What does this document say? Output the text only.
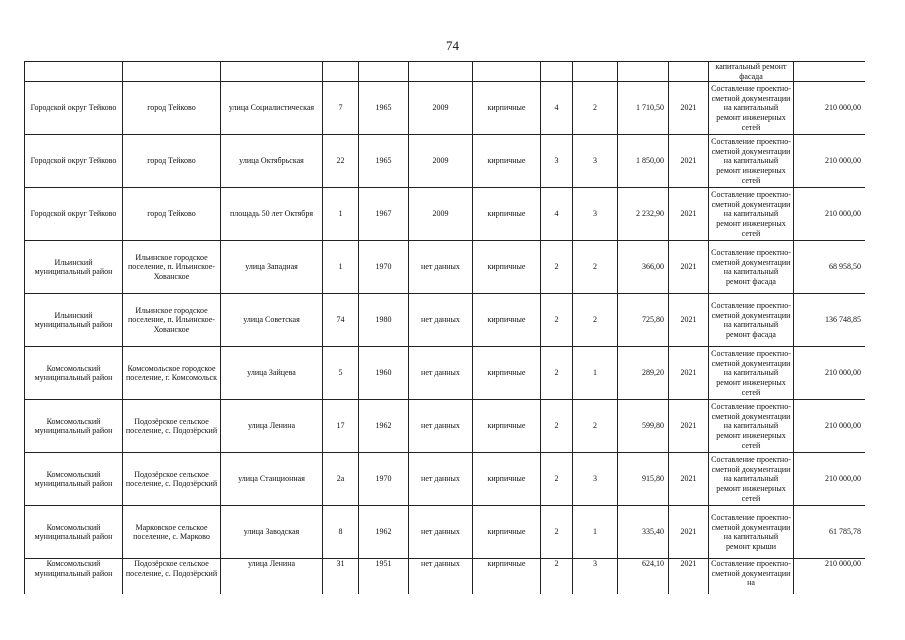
74
											капитальный ремонт фасада	
Городской округ Тейково	город Тейково	улица Социалистическая	7	1965	2009	кирпичные	4	2	1 710,50	2021	Составление проектно-сметной документации на капитальный ремонт инженерных сетей	210 000,00
Городской округ Тейково	город Тейково	улица Октябрьская	22	1965	2009	кирпичные	3	3	1 850,00	2021	Составление проектно-сметной документации на капитальный ремонт инженерных сетей	210 000,00
Городской округ Тейково	город Тейково	площадь 50 лет Октября	1	1967	2009	кирпичные	4	3	2 232,90	2021	Составление проектно-сметной документации на капитальный ремонт инженерных сетей	210 000,00
Ильинский муниципальный район	Ильинское городское поселение, п. Ильинское-Хованское	улица Западная	1	1970	нет данных	кирпичные	2	2	366,00	2021	Составление проектно-сметной документации на капитальный ремонт фасада	68 958,50
Ильинский муниципальный район	Ильинское городское поселение, п. Ильинское-Хованское	улица Советская	74	1980	нет данных	кирпичные	2	2	725,80	2021	Составление проектно-сметной документации на капитальный ремонт фасада	136 748,85
Комсомольский муниципальный район	Комсомольское городское поселение, г. Комсомольск	улица Зайцева	5	1960	нет данных	кирпичные	2	1	289,20	2021	Составление проектно-сметной документации на капитальный ремонт инженерных сетей	210 000,00
Комсомольский муниципальный район	Подозёрское сельское поселение, с. Подозёрский	улица Ленина	17	1962	нет данных	кирпичные	2	2	599,80	2021	Составление проектно-сметной документации на капитальный ремонт инженерных сетей	210 000,00
Комсомольский муниципальный район	Подозёрское сельское поселение, с. Подозёрский	улица Станционная	2а	1970	нет данных	кирпичные	2	3	915,80	2021	Составление проектно-сметной документации на капитальный ремонт инженерных сетей	210 000,00
Комсомольский муниципальный район	Марковское сельское поселение, с. Марково	улица Заводская	8	1962	нет данных	кирпичные	2	1	335,40	2021	Составление проектно-сметной документации на капитальный ремонт крыши	61 785,78
Комсомольский муниципальный район	Подозёрское сельское поселение, с. Подозёрский	улица Ленина	31	1951	нет данных	кирпичные	2	3	624,10	2021	Составление проектно-сметной документации на	210 000,00
